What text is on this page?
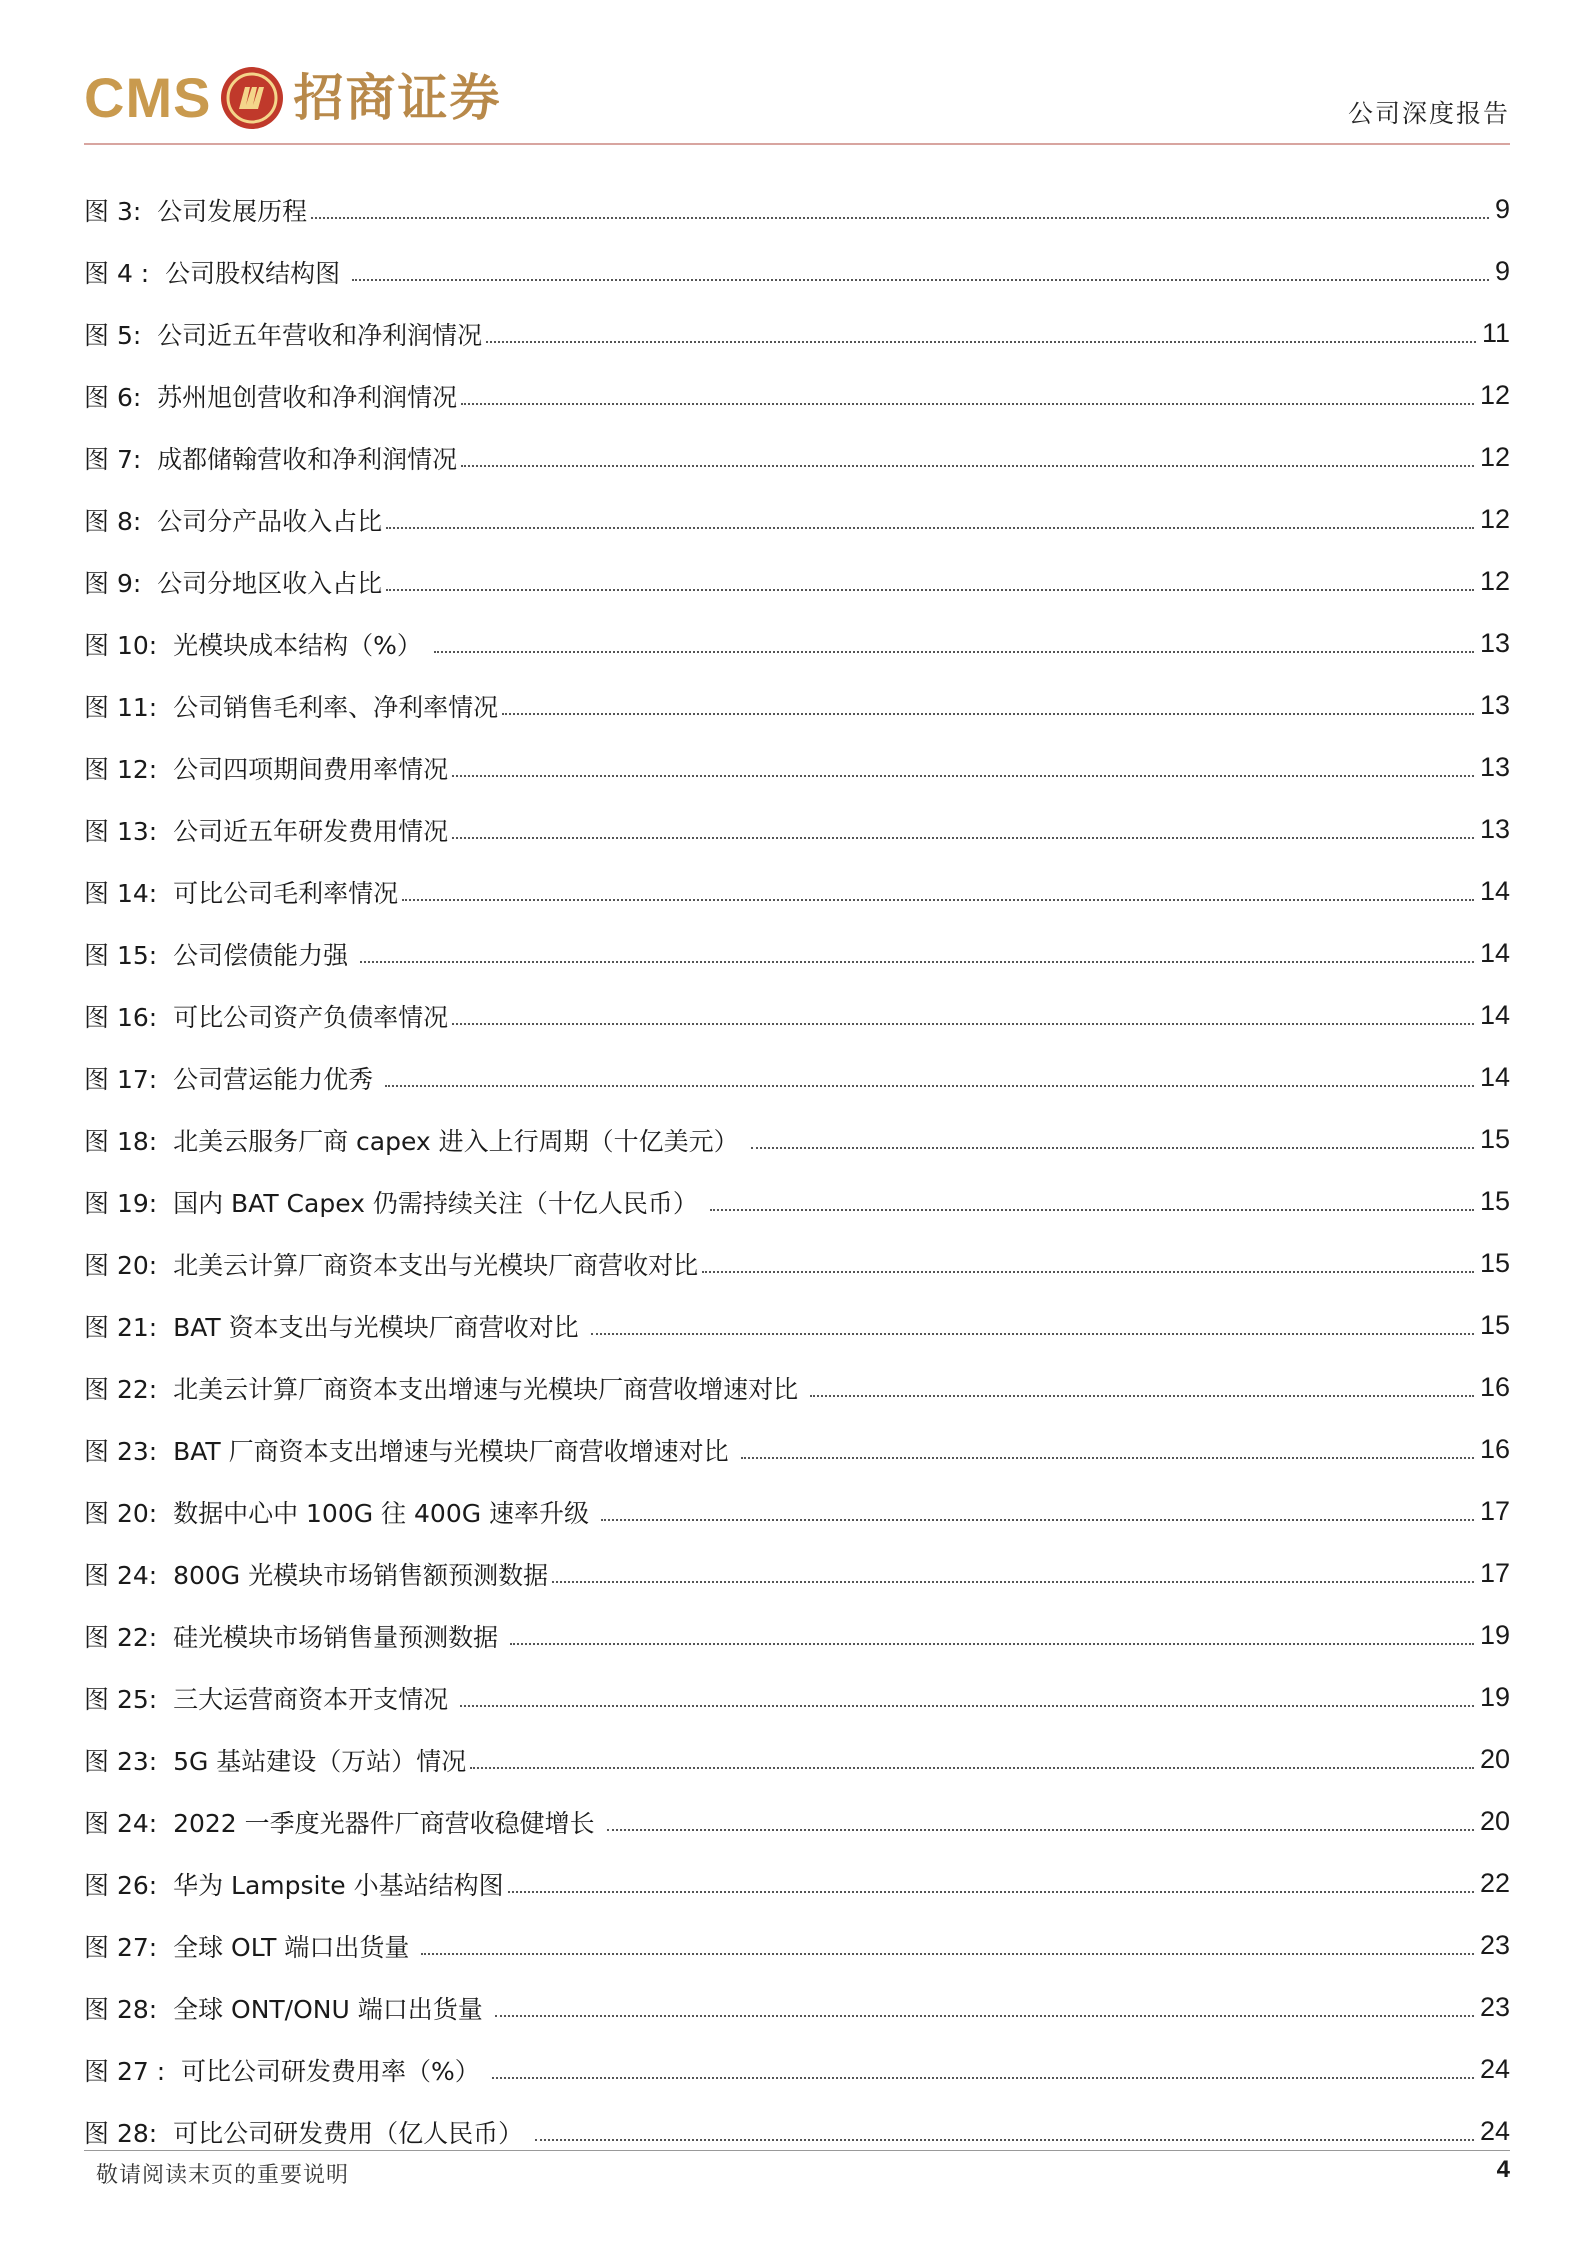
CMS 招商证券	公司深度报告
图 3:  公司发展历程	9
图 4 :  公司股权结构图	9
图 5:  公司近五年营收和净利润情况	11
图 6:  苏州旭创营收和净利润情况	12
图 7:  成都储翰营收和净利润情况	12
图 8:  公司分产品收入占比	12
图 9:  公司分地区收入占比	12
图 10:  光模块成本结构（%）	13
图 11:  公司销售毛利率、净利率情况	13
图 12:  公司四项期间费用率情况	13
图 13:  公司近五年研发费用情况	13
图 14:  可比公司毛利率情况	14
图 15:  公司偿债能力强	14
图 16:  可比公司资产负债率情况	14
图 17:  公司营运能力优秀	14
图 18:  北美云服务厂商 capex 进入上行周期（十亿美元）	15
图 19:  国内 BAT Capex 仍需持续关注（十亿人民币）	15
图 20:  北美云计算厂商资本支出与光模块厂商营收对比	15
图 21:  BAT 资本支出与光模块厂商营收对比	15
图 22:  北美云计算厂商资本支出增速与光模块厂商营收增速对比	16
图 23:  BAT 厂商资本支出增速与光模块厂商营收增速对比	16
图 20:  数据中心中 100G 往 400G 速率升级	17
图 24:  800G 光模块市场销售额预测数据	17
图 22:  硅光模块市场销售量预测数据	19
图 25:  三大运营商资本开支情况	19
图 23:  5G 基站建设（万站）情况	20
图 24:  2022 一季度光器件厂商营收稳健增长	20
图 26:  华为 Lampsite 小基站结构图	22
图 27:  全球 OLT 端口出货量	23
图 28:  全球 ONT/ONU 端口出货量	23
图 27 :  可比公司研发费用率（%）	24
图 28:  可比公司研发费用（亿人民币）	24
敬请阅读末页的重要说明	4
